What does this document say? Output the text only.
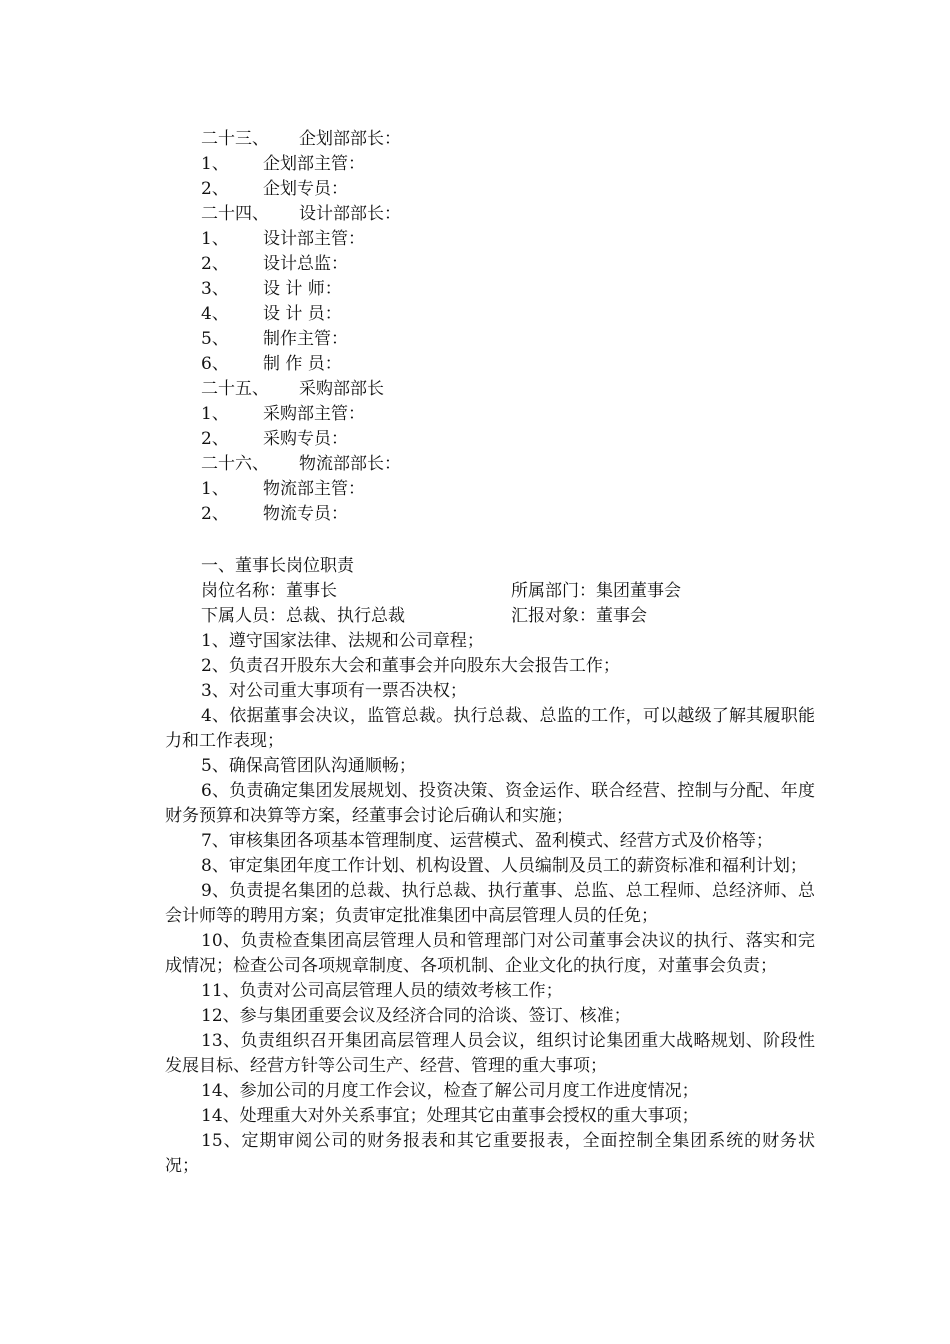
二十三、 企划部部长：
1、 企划部主管：
2、 企划专员：
二十四、 设计部部长：
1、 设计部主管：
2、 设计总监：
3、 设 计 师：
4、 设 计 员：
5、 制作主管：
6、 制 作 员：
二十五、 采购部部长
1、 采购部主管：
2、 采购专员：
二十六、 物流部部长：
1、 物流部主管：
2、 物流专员：
一、董事长岗位职责
岗位名称：董事长	所属部门：集团董事会
下属人员：总裁、执行总裁	汇报对象：董事会

1、遵守国家法律、法规和公司章程；

2、负责召开股东大会和董事会并向股东大会报告工作；

3、对公司重大事项有一票否决权；

4、依据董事会决议，监管总裁。执行总裁、总监的工作，可以越级了解其履职能力和工作表现；

5、确保高管团队沟通顺畅；

6、负责确定集团发展规划、投资决策、资金运作、联合经营、控制与分配、年度财务预算和决算等方案，经董事会讨论后确认和实施；

7、审核集团各项基本管理制度、运营模式、盈利模式、经营方式及价格等；

8、审定集团年度工作计划、机构设置、人员编制及员工的薪资标准和福利计划；

9、负责提名集团的总裁、执行总裁、执行董事、总监、总工程师、总经济师、总会计师等的聘用方案；负责审定批准集团中高层管理人员的任免；

10、负责检查集团高层管理人员和管理部门对公司董事会决议的执行、落实和完成情况；检查公司各项规章制度、各项机制、企业文化的执行度，对董事会负责；

11、负责对公司高层管理人员的绩效考核工作；

12、参与集团重要会议及经济合同的洽谈、签订、核准；

13、负责组织召开集团高层管理人员会议，组织讨论集团重大战略规划、阶段性发展目标、经营方针等公司生产、经营、管理的重大事项；

14、参加公司的月度工作会议，检查了解公司月度工作进度情况；

14、处理重大对外关系事宜；处理其它由董事会授权的重大事项；

15、定期审阅公司的财务报表和其它重要报表，全面控制全集团系统的财务状况；
